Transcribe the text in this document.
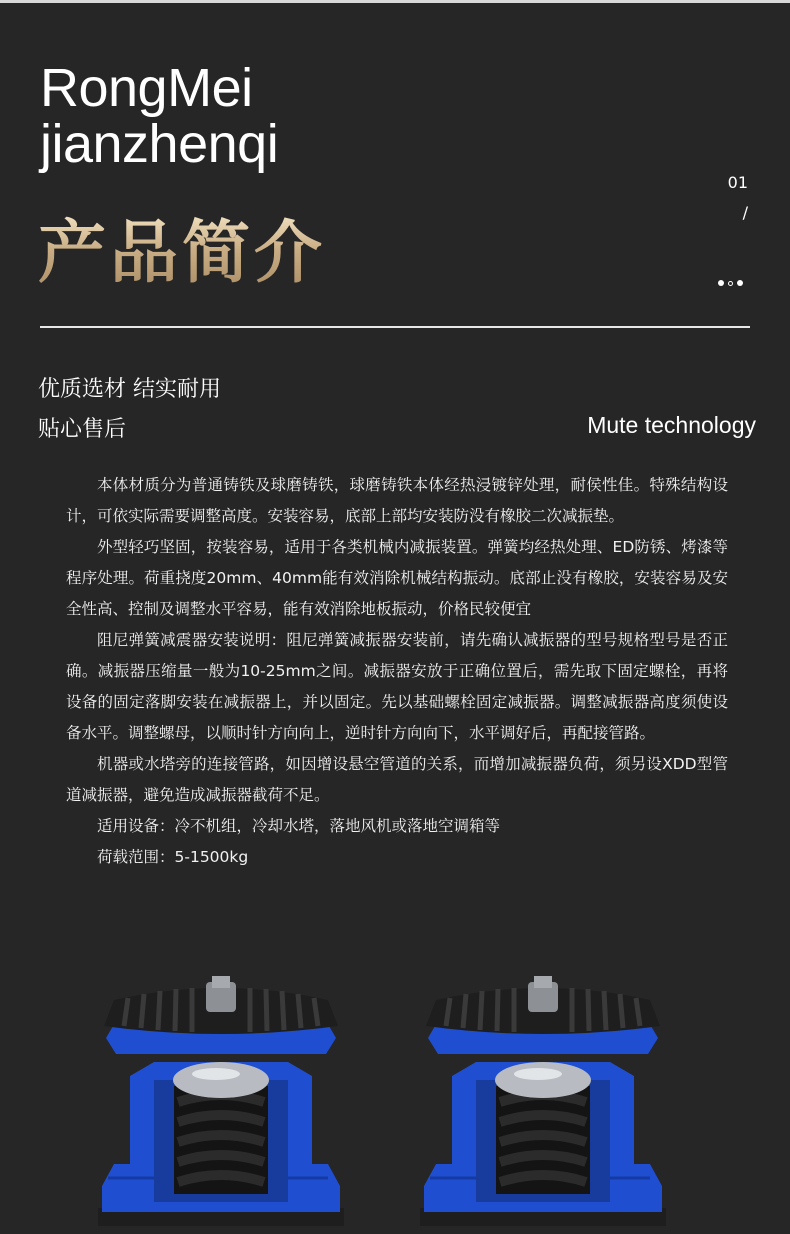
RongMei
jianzhenqi
产品简介
01
/
优质选材 结实耐用
贴心售后	Mute technology

本体材质分为普通铸铁及球磨铸铁，球磨铸铁本体经热浸镀锌处理，耐侯性佳。特殊结构设计，可依实际需要调整高度。安装容易，底部上部均安装防没有橡胶二次减振垫。

外型轻巧坚固，按装容易，适用于各类机械内减振装置。弹簧均经热处理、ED防锈、烤漆等程序处理。荷重挠度20mm、40mm能有效消除机械结构振动。底部止没有橡胶，安装容易及安全性高、控制及调整水平容易，能有效消除地板振动，价格民较便宜

阻尼弹簧减震器安装说明：阻尼弹簧减振器安装前，请先确认减振器的型号规格型号是否正确。减振器压缩量一般为10-25mm之间。减振器安放于正确位置后，需先取下固定螺栓，再将设备的固定落脚安装在减振器上，并以固定。先以基础螺栓固定减振器。调整减振器高度须使设备水平。调整螺母，以顺时针方向向上，逆时针方向向下，水平调好后，再配接管路。

机器或水塔旁的连接管路，如因增设悬空管道的关系，而增加减振器负荷，须另设XDD型管道减振器，避免造成减振器截荷不足。

适用设备：冷不机组，冷却水塔，落地风机或落地空调箱等

荷载范围：5-1500kg
